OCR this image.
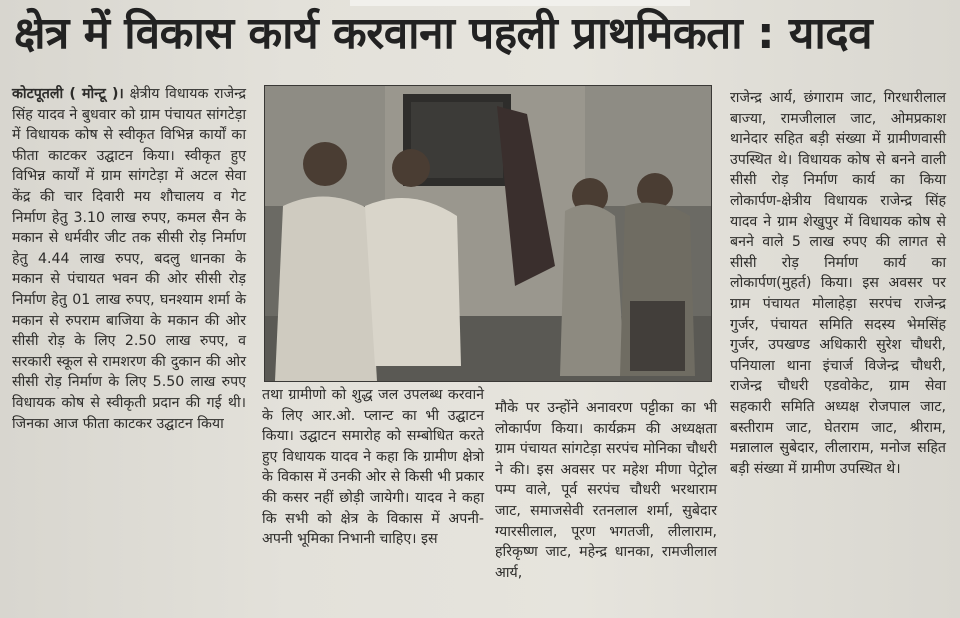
क्षेत्र में विकास कार्य करवाना पहली प्राथमिकता : यादव

कोटपूतली ( मोन्टू )। क्षेत्रीय विधायक राजेन्द्र सिंह यादव ने बुधवार को ग्राम पंचायत सांगटेड़ा में विधायक कोष से स्वीकृत विभिन्न कार्यों का फीता काटकर उद्घाटन किया। स्वीकृत हुए विभिन्न कार्यों में ग्राम सांगटेड़ा में अटल सेवा केंद्र की चार दिवारी मय शौचालय व गेट निर्माण हेतु 3.10 लाख रुपए, कमल सैन के मकान से धर्मवीर जीट तक सीसी रोड़ निर्माण हेतु 4.44 लाख रुपए, बदलु धानका के मकान से पंचायत भवन की ओर सीसी रोड़ निर्माण हेतु 01 लाख रुपए, घनश्याम शर्मा के मकान से रुपराम बाजिया के मकान की ओर सीसी रोड़ के लिए 2.50 लाख रुपए, व सरकारी स्कूल से रामशरण की दुकान की ओर सीसी रोड़ निर्माण के लिए 5.50 लाख रुपए विधायक कोष से स्वीकृती प्रदान की गई थी। जिनका आज फीता काटकर उद्घाटन किया

तथा ग्रामीणो को शुद्ध जल उपलब्ध करवाने के लिए आर.ओ. प्लान्ट का भी उद्घाटन किया। उद्घाटन समारोह को सम्बोधित करते हुए विधायक यादव ने कहा कि ग्रामीण क्षेत्रो के विकास में उनकी ओर से किसी भी प्रकार की कसर नहीं छोड़ी जायेगी। यादव ने कहा कि सभी को क्षेत्र के विकास में अपनी-अपनी भूमिका निभानी चाहिए। इस

मौके पर उन्होंने अनावरण पट्टीका का भी लोकार्पण किया। कार्यक्रम की अध्यक्षता ग्राम पंचायत सांगटेड़ा सरपंच मोनिका चौधरी ने की। इस अवसर पर महेश मीणा पेट्रोल पम्प वाले, पूर्व सरपंच चौधरी भरथाराम जाट, समाजसेवी रतनलाल शर्मा, सुबेदार ग्यारसीलाल, पूरण भगतजी, लीलाराम, हरिकृष्ण जाट, महेन्द्र धानका, रामजीलाल आर्य,

राजेन्द्र आर्य, छंगाराम जाट, गिरधारीलाल बाज्या, रामजीलाल जाट, ओमप्रकाश थानेदार सहित बड़ी संख्या में ग्रामीणवासी उपस्थित थे। विधायक कोष से बनने वाली सीसी रोड़ निर्माण कार्य का किया लोकार्पण-क्षेत्रीय विधायक राजेन्द्र सिंह यादव ने ग्राम शेखुपुर में विधायक कोष से बनने वाले 5 लाख रुपए की लागत से सीसी रोड़ निर्माण कार्य का लोकार्पण(मुहर्त) किया। इस अवसर पर ग्राम पंचायत मोलाहेड़ा सरपंच राजेन्द्र गुर्जर, पंचायत समिति सदस्य भेमसिंह गुर्जर, उपखण्ड अधिकारी सुरेश चौधरी, पनियाला थाना इंचार्ज विजेन्द्र चौधरी, राजेन्द्र चौधरी एडवोकेट, ग्राम सेवा सहकारी समिति अध्यक्ष रोजपाल जाट, बस्तीराम जाट, घेतराम जाट, श्रीराम, मन्नालाल सुबेदार, लीलाराम, मनोज सहित बड़ी संख्या में ग्रामीण उपस्थित थे।
